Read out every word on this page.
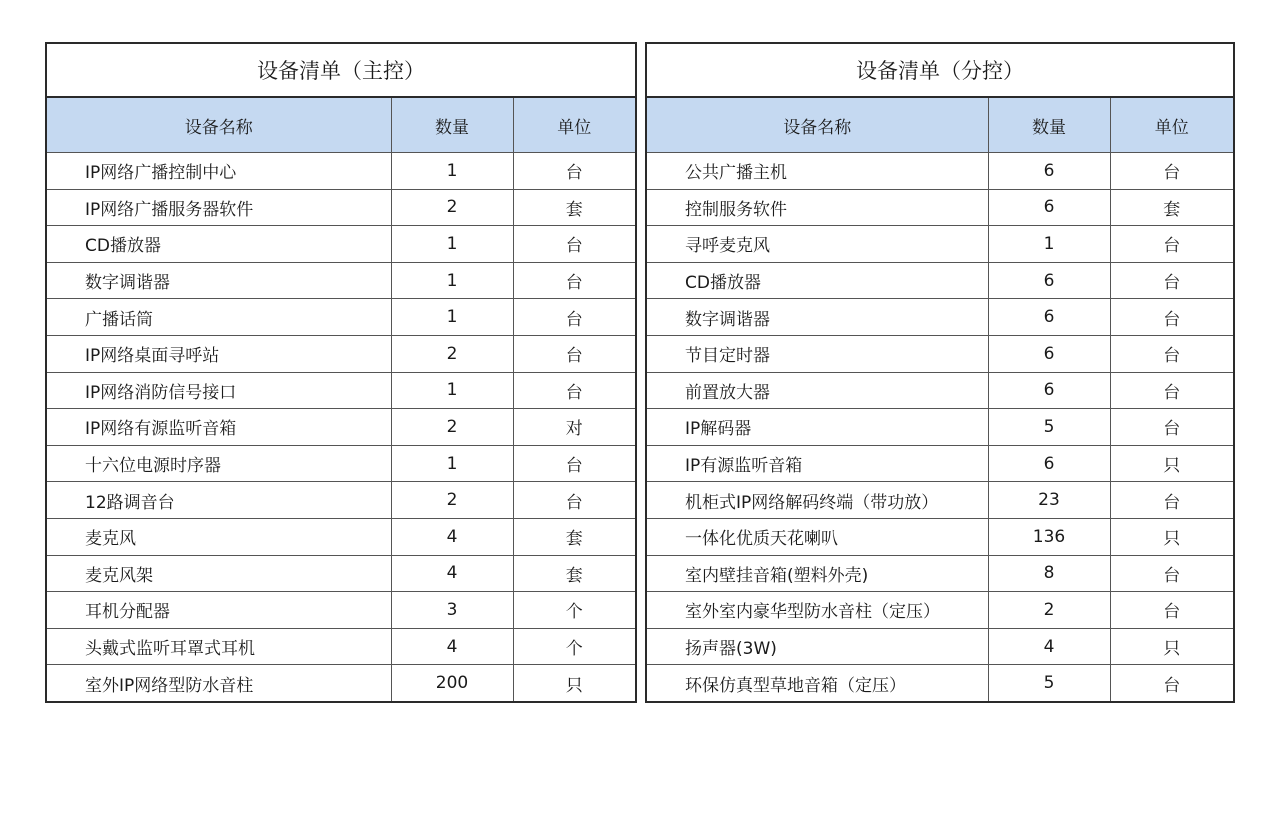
设备清单（主控）		
设备名称	数量	单位
IP网络广播控制中心	1	台
IP网络广播服务器软件	2	套
CD播放器	1	台
数字调谐器	1	台
广播话筒	1	台
IP网络桌面寻呼站	2	台
IP网络消防信号接口	1	台
IP网络有源监听音箱	2	对
十六位电源时序器	1	台
12路调音台	2	台
麦克风	4	套
麦克风架	4	套
耳机分配器	3	个
头戴式监听耳罩式耳机	4	个
室外IP网络型防水音柱	200	只
设备清单（分控）		
设备名称	数量	单位
公共广播主机	6	台
控制服务软件	6	套
寻呼麦克风	1	台
CD播放器	6	台
数字调谐器	6	台
节目定时器	6	台
前置放大器	6	台
IP解码器	5	台
IP有源监听音箱	6	只
机柜式IP网络解码终端（带功放）	23	台
一体化优质天花喇叭	136	只
室内壁挂音箱(塑料外壳)	8	台
室外室内豪华型防水音柱（定压）	2	台
扬声器(3W)	4	只
环保仿真型草地音箱（定压）	5	台
